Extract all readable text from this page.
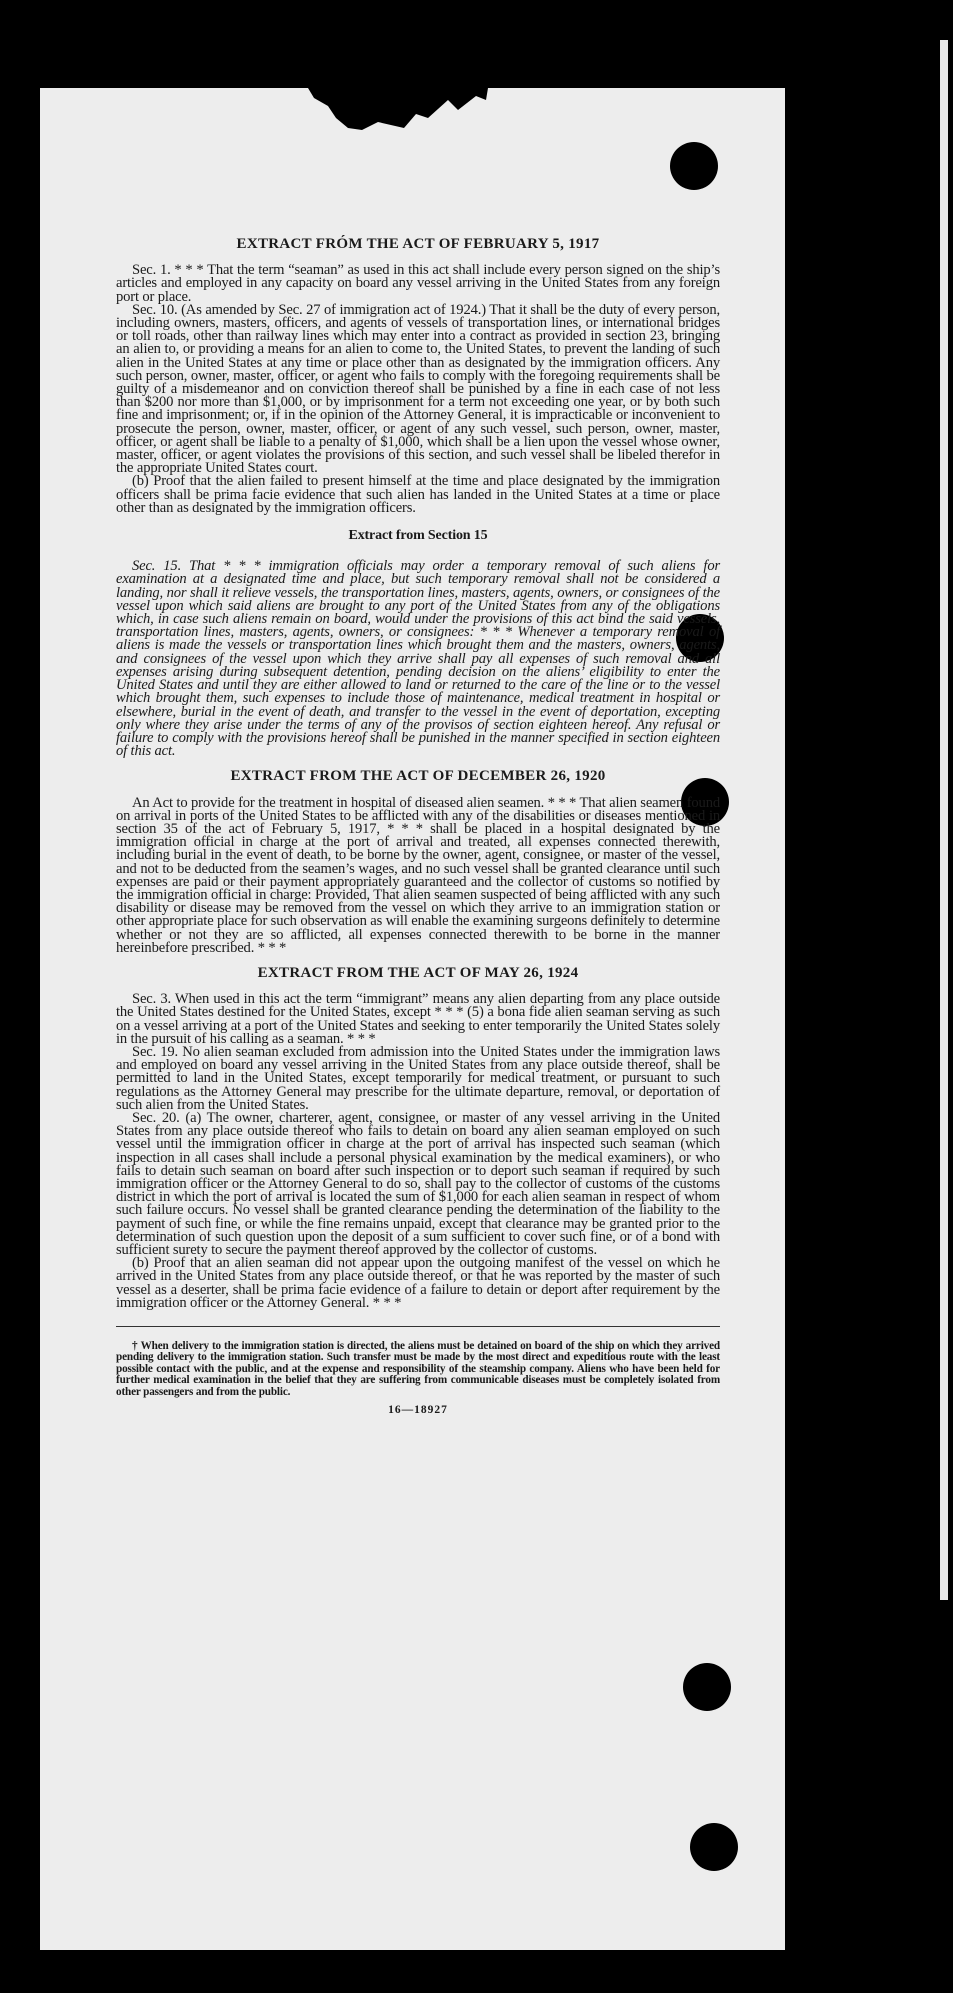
EXTRACT FRÓM THE ACT OF FEBRUARY 5, 1917

Sec. 1. * * * That the term “seaman” as used in this act shall include every person signed on the ship’s articles and employed in any capacity on board any vessel arriving in the United States from any foreign port or place.

Sec. 10. (As amended by Sec. 27 of immigration act of 1924.) That it shall be the duty of every person, including owners, masters, officers, and agents of vessels of transportation lines, or international bridges or toll roads, other than railway lines which may enter into a contract as provided in section 23, bringing an alien to, or providing a means for an alien to come to, the United States, to prevent the landing of such alien in the United States at any time or place other than as designated by the immigration officers. Any such person, owner, master, officer, or agent who fails to comply with the foregoing requirements shall be guilty of a misdemeanor and on conviction thereof shall be punished by a fine in each case of not less than $200 nor more than $1,000, or by imprisonment for a term not exceeding one year, or by both such fine and imprisonment; or, if in the opinion of the Attorney General, it is impracticable or inconvenient to prosecute the person, owner, master, officer, or agent of any such vessel, such person, owner, master, officer, or agent shall be liable to a penalty of $1,000, which shall be a lien upon the vessel whose owner, master, officer, or agent violates the provisions of this section, and such vessel shall be libeled therefor in the appropriate United States court.

(b) Proof that the alien failed to present himself at the time and place designated by the immigration officers shall be prima facie evidence that such alien has landed in the United States at a time or place other than as designated by the immigration officers.

Extract from Section 15

Sec. 15. That * * * immigration officials may order a temporary removal of such aliens for examination at a designated time and place, but such temporary removal shall not be considered a landing, nor shall it relieve vessels, the transportation lines, masters, agents, owners, or consignees of the vessel upon which said aliens are brought to any port of the United States from any of the obligations which, in case such aliens remain on board, would under the provisions of this act bind the said vessels, transportation lines, masters, agents, owners, or consignees: * * * Whenever a temporary removal of aliens is made the vessels or transportation lines which brought them and the masters, owners, agents, and consignees of the vessel upon which they arrive shall pay all expenses of such removal and all expenses arising during subsequent detention, pending decision on the aliens’ eligibility to enter the United States and until they are either allowed to land or returned to the care of the line or to the vessel which brought them, such expenses to include those of maintenance, medical treatment in hospital or elsewhere, burial in the event of death, and transfer to the vessel in the event of deportation, excepting only where they arise under the terms of any of the provisos of section eighteen hereof. Any refusal or failure to comply with the provisions hereof shall be punished in the manner specified in section eighteen of this act.

EXTRACT FROM THE ACT OF DECEMBER 26, 1920

An Act to provide for the treatment in hospital of diseased alien seamen. * * * That alien seamen found on arrival in ports of the United States to be afflicted with any of the disabilities or diseases mentioned in section 35 of the act of February 5, 1917, * * * shall be placed in a hospital designated by the immigration official in charge at the port of arrival and treated, all expenses connected therewith, including burial in the event of death, to be borne by the owner, agent, consignee, or master of the vessel, and not to be deducted from the seamen’s wages, and no such vessel shall be granted clearance until such expenses are paid or their payment appropriately guaranteed and the collector of customs so notified by the immigration official in charge: Provided, That alien seamen suspected of being afflicted with any such disability or disease may be removed from the vessel on which they arrive to an immigration station or other appropriate place for such observation as will enable the examining surgeons definitely to determine whether or not they are so afflicted, all expenses connected therewith to be borne in the manner hereinbefore prescribed. * * *

EXTRACT FROM THE ACT OF MAY 26, 1924

Sec. 3. When used in this act the term “immigrant” means any alien departing from any place outside the United States destined for the United States, except * * * (5) a bona fide alien seaman serving as such on a vessel arriving at a port of the United States and seeking to enter temporarily the United States solely in the pursuit of his calling as a seaman. * * *

Sec. 19. No alien seaman excluded from admission into the United States under the immigration laws and employed on board any vessel arriving in the United States from any place outside thereof, shall be permitted to land in the United States, except temporarily for medical treatment, or pursuant to such regulations as the Attorney General may prescribe for the ultimate departure, removal, or deportation of such alien from the United States.

Sec. 20. (a) The owner, charterer, agent, consignee, or master of any vessel arriving in the United States from any place outside thereof who fails to detain on board any alien seaman employed on such vessel until the immigration officer in charge at the port of arrival has inspected such seaman (which inspection in all cases shall include a personal physical examination by the medical examiners), or who fails to detain such seaman on board after such inspection or to deport such seaman if required by such immigration officer or the Attorney General to do so, shall pay to the collector of customs of the customs district in which the port of arrival is located the sum of $1,000 for each alien seaman in respect of whom such failure occurs. No vessel shall be granted clearance pending the determination of the liability to the payment of such fine, or while the fine remains unpaid, except that clearance may be granted prior to the determination of such question upon the deposit of a sum sufficient to cover such fine, or of a bond with sufficient surety to secure the payment thereof approved by the collector of customs.

(b) Proof that an alien seaman did not appear upon the outgoing manifest of the vessel on which he arrived in the United States from any place outside thereof, or that he was reported by the master of such vessel as a deserter, shall be prima facie evidence of a failure to detain or deport after requirement by the immigration officer or the Attorney General. * * *

† When delivery to the immigration station is directed, the aliens must be detained on board of the ship on which they arrived pending delivery to the immigration station. Such transfer must be made by the most direct and expeditious route with the least possible contact with the public, and at the expense and responsibility of the steamship company. Aliens who have been held for further medical examination in the belief that they are suffering from communicable diseases must be completely isolated from other passengers and from the public.

16—18927
